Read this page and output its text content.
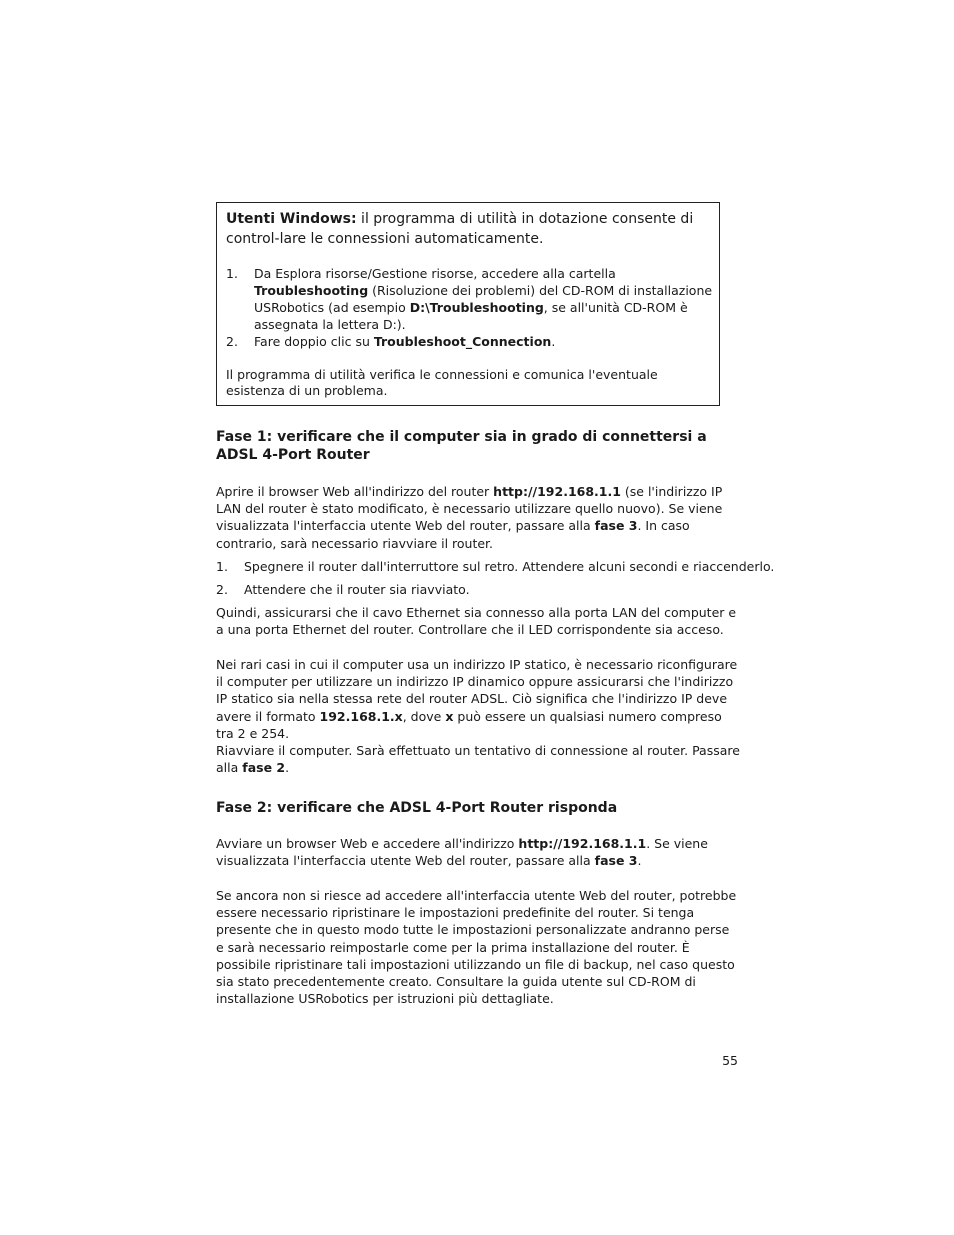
Utenti Windows: il programma di utilità in dotazione consente di control-lare le connessioni automaticamente.
1. Da Esplora risorse/Gestione risorse, accedere alla cartella Troubleshooting (Risoluzione dei problemi) del CD-ROM di installazione USRobotics (ad esempio D:\Troubleshooting, se all'unità CD-ROM è assegnata la lettera D:).
2. Fare doppio clic su Troubleshoot_Connection.
Il programma di utilità verifica le connessioni e comunica l'eventuale esistenza di un problema.
Fase 1: verificare che il computer sia in grado di connettersi a ADSL 4-Port Router
Aprire il browser Web all'indirizzo del router http://192.168.1.1 (se l'indirizzo IP LAN del router è stato modificato, è necessario utilizzare quello nuovo). Se viene visualizzata l'interfaccia utente Web del router, passare alla fase 3. In caso contrario, sarà necessario riavviare il router.
1. Spegnere il router dall'interruttore sul retro. Attendere alcuni secondi e riaccenderlo.
2. Attendere che il router sia riavviato.
Quindi, assicurarsi che il cavo Ethernet sia connesso alla porta LAN del computer e a una porta Ethernet del router. Controllare che il LED corrispondente sia acceso.
Nei rari casi in cui il computer usa un indirizzo IP statico, è necessario riconfigurare il computer per utilizzare un indirizzo IP dinamico oppure assicurarsi che l'indirizzo IP statico sia nella stessa rete del router ADSL. Ciò significa che l'indirizzo IP deve avere il formato 192.168.1.x, dove x può essere un qualsiasi numero compreso tra 2 e 254.
Riavviare il computer. Sarà effettuato un tentativo di connessione al router. Passare alla fase 2.
Fase 2: verificare che ADSL 4-Port Router risponda
Avviare un browser Web e accedere all'indirizzo http://192.168.1.1. Se viene visualizzata l'interfaccia utente Web del router, passare alla fase 3.
Se ancora non si riesce ad accedere all'interfaccia utente Web del router, potrebbe essere necessario ripristinare le impostazioni predefinite del router. Si tenga presente che in questo modo tutte le impostazioni personalizzate andranno perse e sarà necessario reimpostarle come per la prima installazione del router. È possibile ripristinare tali impostazioni utilizzando un file di backup, nel caso questo sia stato precedentemente creato. Consultare la guida utente sul CD-ROM di installazione USRobotics per istruzioni più dettagliate.
55
